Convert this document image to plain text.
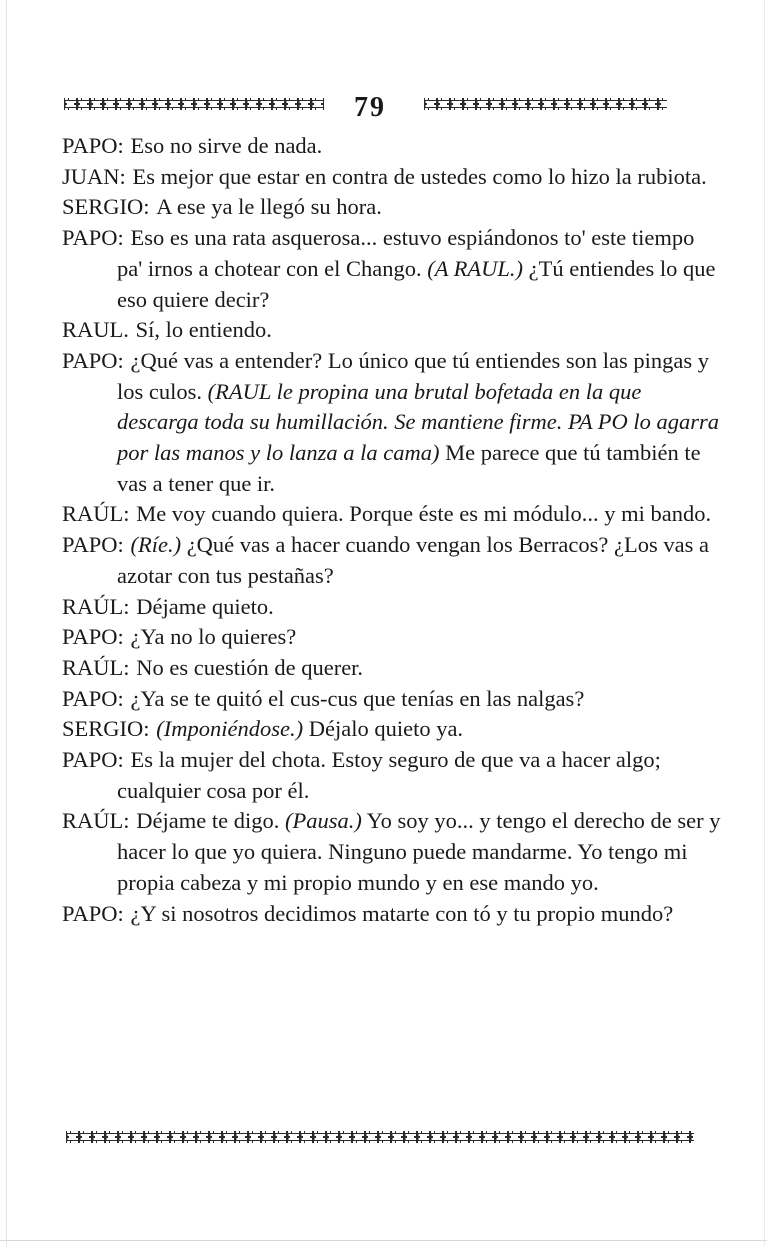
79

PAPO: Eso no sirve de nada.

JUAN: Es mejor que estar en contra de ustedes como lo hizo la rubiota.

SERGIO: A ese ya le llegó su hora.

PAPO: Eso es una rata asquerosa... estuvo espiándonos to' este tiempo pa' irnos a chotear con el Chango. (A RAUL.) ¿Tú entiendes lo que eso quiere decir?

RAUL. Sí, lo entiendo.

PAPO: ¿Qué vas a entender? Lo único que tú entiendes son las pingas y los culos. (RAUL le propina una brutal bofetada en la que descarga toda su humillación. Se mantiene firme. PA PO lo agarra por las manos y lo lanza a la cama) Me parece que tú también te vas a tener que ir.

RAÚL: Me voy cuando quiera. Porque éste es mi módulo... y mi bando.

PAPO: (Ríe.) ¿Qué vas a hacer cuando vengan los Berracos? ¿Los vas a azotar con tus pestañas?

RAÚL: Déjame quieto.

PAPO: ¿Ya no lo quieres?

RAÚL: No es cuestión de querer.

PAPO: ¿Ya se te quitó el cus-cus que tenías en las nalgas?

SERGIO: (Imponiéndose.) Déjalo quieto ya.

PAPO: Es la mujer del chota. Estoy seguro de que va a hacer algo; cualquier cosa por él.

RAÚL: Déjame te digo. (Pausa.) Yo soy yo... y tengo el derecho de ser y hacer lo que yo quiera. Ninguno puede mandarme. Yo tengo mi propia cabeza y mi propio mundo y en ese mando yo.

PAPO: ¿Y si nosotros decidimos matarte con tó y tu propio mundo?
